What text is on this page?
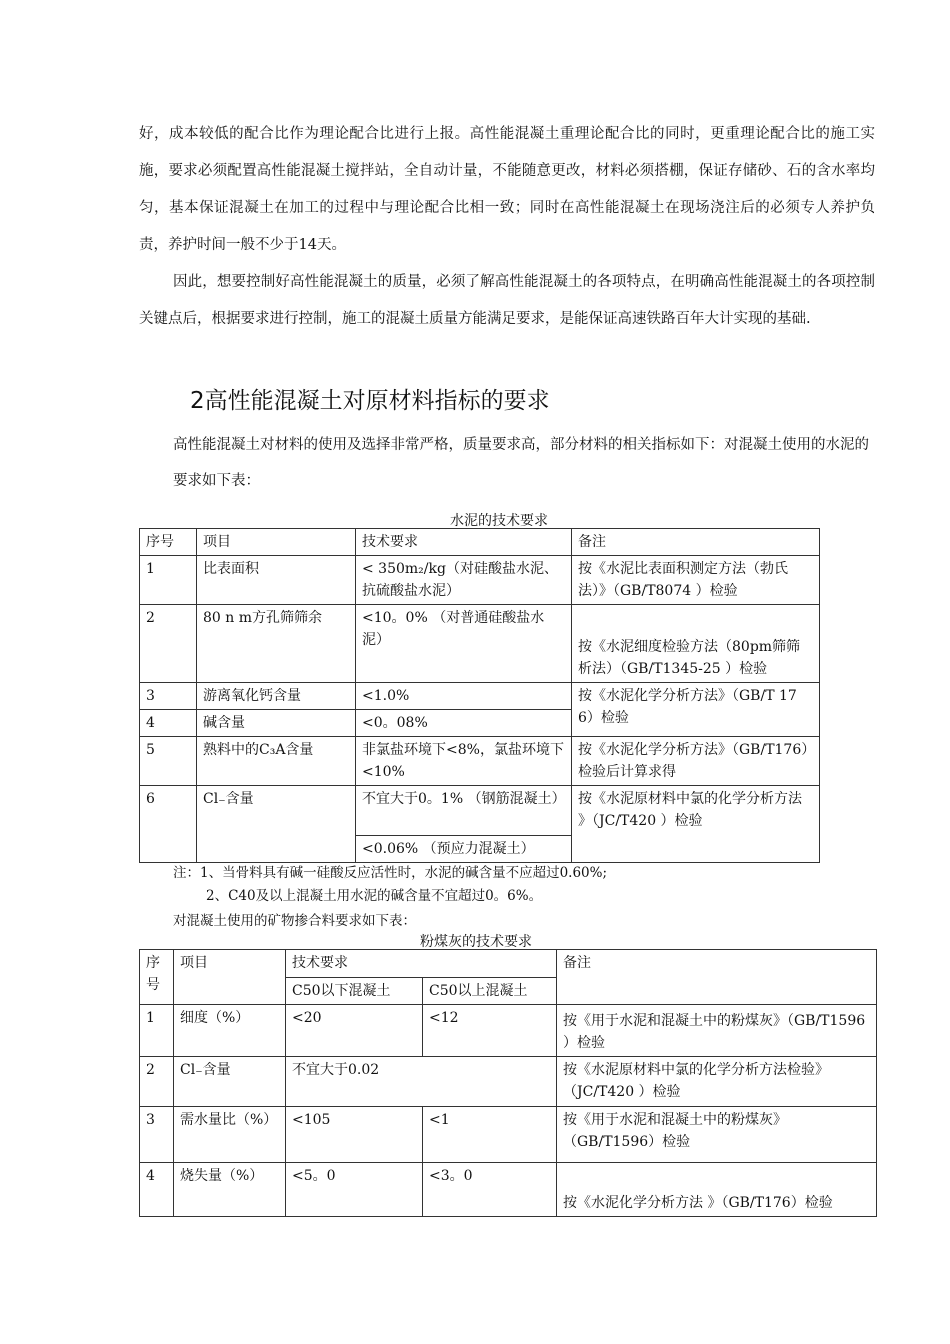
好，成本较低的配合比作为理论配合比进行上报。高性能混凝土重理论配合比的同时，更重理论配合比的施工实施，要求必须配置高性能混凝土搅拌站，全自动计量，不能随意更改，材料必须搭棚，保证存储砂、石的含水率均匀，基本保证混凝土在加工的过程中与理论配合比相一致；同时在高性能混凝土在现场浇注后的必须专人养护负责，养护时间一般不少于14天。

因此，想要控制好高性能混凝土的质量，必须了解高性能混凝土的各项特点，在明确高性能混凝土的各项控制关键点后，根据要求进行控制，施工的混凝土质量方能满足要求，是能保证高速铁路百年大计实现的基础.

2高性能混凝土对原材料指标的要求

高性能混凝土对材料的使用及选择非常严格，质量要求高，部分材料的相关指标如下：对混凝土使用的水泥的要求如下表：

水泥的技术要求

序号	项目	技术要求	备注
1	比表面积	< 350m₂/kg（对硅酸盐水泥、抗硫酸盐水泥）	按《水泥比表面积测定方法（勃氏法）》（GB/T8074 ）检验
2	80 n m方孔筛筛余	<10。0% （对普通硅酸盐水泥）	按《水泥细度检验方法（80pm筛筛析法）（GB/T1345-25 ）检验
3	游离氧化钙含量	<1.0%	按《水泥化学分析方法》（GB/T 17 6）检验
4	碱含量	<0。08%	
5	熟料中的C₃A含量	非氯盐环境下<8%，氯盐环境下<10%	按《水泥化学分析方法》（GB/T176）检验后计算求得
6	Cl₋含量	不宜大于0。1% （钢筋混凝土）	按《水泥原材料中氯的化学分析方法 》（JC/T420 ）检验
		<0.06% （预应力混凝土）	

注：1、当骨料具有碱一硅酸反应活性时，水泥的碱含量不应超过0.60%;

2、C40及以上混凝土用水泥的碱含量不宜超过0。6%。

对混凝土使用的矿物掺合料要求如下表：

粉煤灰的技术要求

序号	项目	技术要求		备注
		C50以下混凝土	C50以上混凝土	
1	细度（%）	<20	<12	按《用于水泥和混凝土中的粉煤灰》（GB/T1596 ）检验
2	Cl₋含量	不宜大于0.02		按《水泥原材料中氯的化学分析方法检验》（JC/T420 ）检验
3	需水量比（%）	<105	<1	按《用于水泥和混凝土中的粉煤灰》（GB/T1596）检验
4	烧失量（%）	<5。0	<3。0	按《水泥化学分析方法 》（GB/T176）检验
